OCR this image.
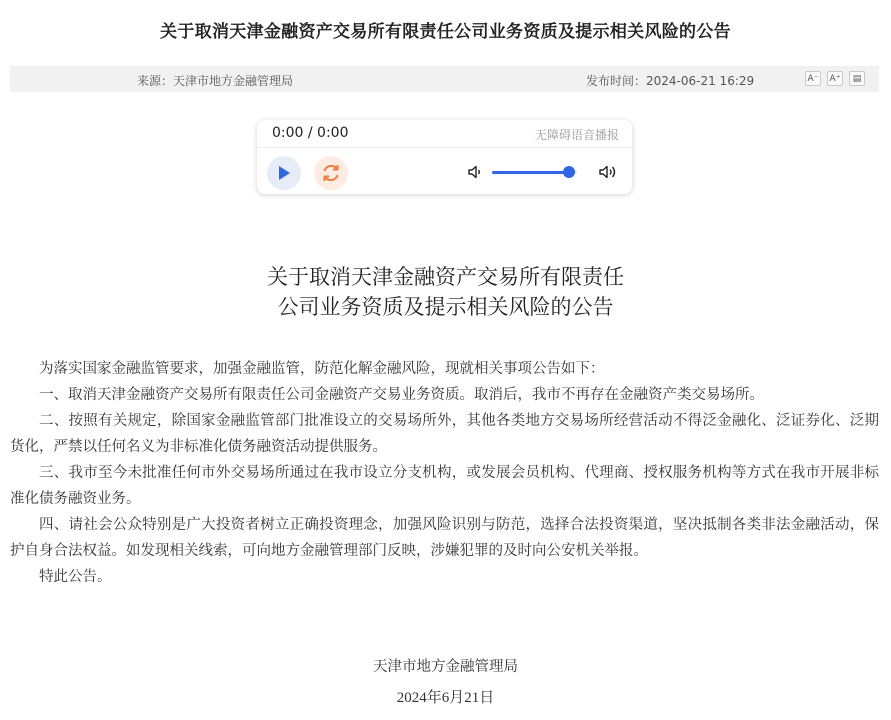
关于取消天津金融资产交易所有限责任公司业务资质及提示相关风险的公告
来源：天津市地方金融管理局	发布时间：2024-06-21 16:29	A⁻ A⁺	▤
0:00 / 0:00	无障碍语音播报
关于取消天津金融资产交易所有限责任
公司业务资质及提示相关风险的公告

为落实国家金融监管要求，加强金融监管，防范化解金融风险，现就相关事项公告如下：

一、取消天津金融资产交易所有限责任公司金融资产交易业务资质。取消后，我市不再存在金融资产类交易场所。

二、按照有关规定，除国家金融监管部门批准设立的交易场所外，其他各类地方交易场所经营活动不得泛金融化、泛证券化、泛期货化，严禁以任何名义为非标准化债务融资活动提供服务。

三、我市至今未批准任何市外交易场所通过在我市设立分支机构，或发展会员机构、代理商、授权服务机构等方式在我市开展非标准化债务融资业务。

四、请社会公众特别是广大投资者树立正确投资理念，加强风险识别与防范，选择合法投资渠道，坚决抵制各类非法金融活动，保护自身合法权益。如发现相关线索，可向地方金融管理部门反映，涉嫌犯罪的及时向公安机关举报。

特此公告。

天津市地方金融管理局
2024年6月21日
